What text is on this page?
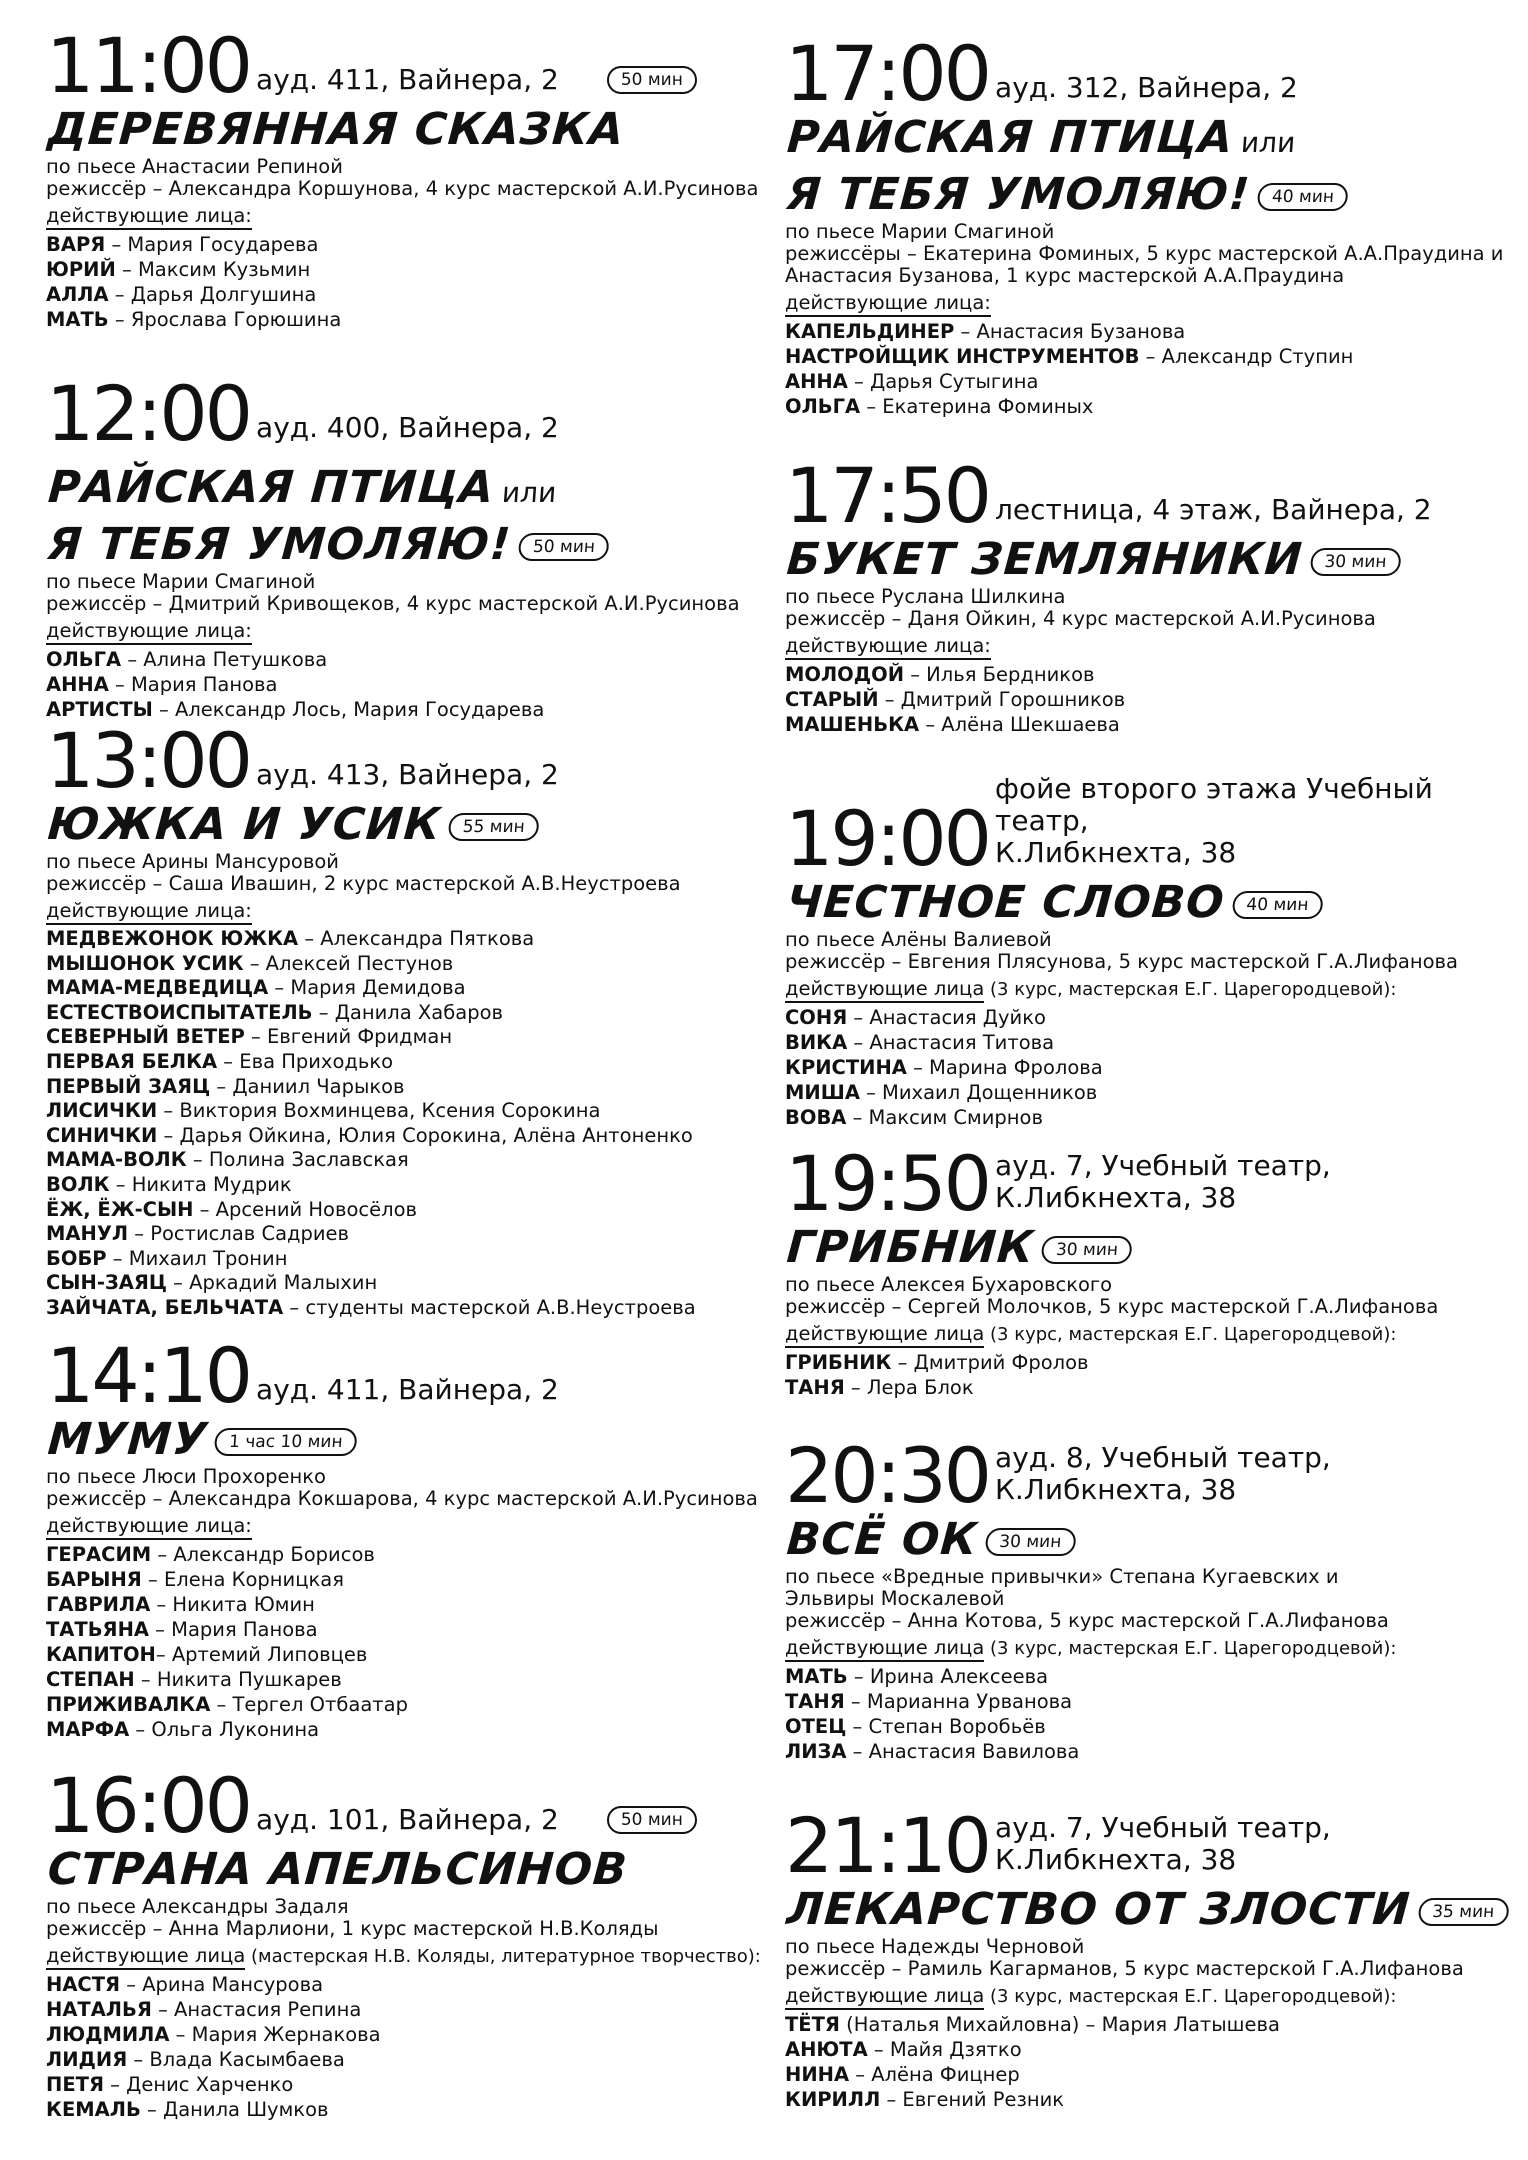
11:00 ауд. 411, Вайнера, 2	50 мин
ДЕРЕВЯННАЯ СКАЗКА
по пьесе Анастасии Репиной
режиссёр – Александра Коршунова, 4 курс мастерской А.И.Русинова
действующие лица:
ВАРЯ – Мария Государева
ЮРИЙ – Максим Кузьмин
АЛЛА – Дарья Долгушина
МАТЬ – Ярослава Горюшина
12:00 ауд. 400, Вайнера, 2
РАЙСКАЯ ПТИЦА или
Я ТЕБЯ УМОЛЯЮ! 50 мин
по пьесе Марии Смагиной
режиссёр – Дмитрий Кривощеков, 4 курс мастерской А.И.Русинова
действующие лица:
ОЛЬГА – Алина Петушкова
АННА – Мария Панова
АРТИСТЫ – Александр Лось, Мария Государева
13:00 ауд. 413, Вайнера, 2
ЮЖКА И УСИК 55 мин
по пьесе Арины Мансуровой
режиссёр – Саша Ивашин, 2 курс мастерской А.В.Неустроева
действующие лица:
МЕДВЕЖОНОК ЮЖКА – Александра Пяткова
МЫШОНОК УСИК – Алексей Пестунов
МАМА-МЕДВЕДИЦА – Мария Демидова
ЕСТЕСТВОИСПЫТАТЕЛЬ – Данила Хабаров
СЕВЕРНЫЙ ВЕТЕР – Евгений Фридман
ПЕРВАЯ БЕЛКА – Ева Приходько
ПЕРВЫЙ ЗАЯЦ – Даниил Чарыков
ЛИСИЧКИ – Виктория Вохминцева, Ксения Сорокина
СИНИЧКИ – Дарья Ойкина, Юлия Сорокина, Алёна Антоненко
МАМА-ВОЛК – Полина Заславская
ВОЛК – Никита Мудрик
ЁЖ, ЁЖ-СЫН – Арсений Новосёлов
МАНУЛ – Ростислав Садриев
БОБР – Михаил Тронин
СЫН-ЗАЯЦ – Аркадий Малыхин
ЗАЙЧАТА, БЕЛЬЧАТА – студенты мастерской А.В.Неустроева
14:10 ауд. 411, Вайнера, 2
МУМУ 1 час 10 мин
по пьесе Люси Прохоренко
режиссёр – Александра Кокшарова, 4 курс мастерской А.И.Русинова
действующие лица:
ГЕРАСИМ – Александр Борисов
БАРЫНЯ – Елена Корницкая
ГАВРИЛА – Никита Юмин
ТАТЬЯНА – Мария Панова
КАПИТОН– Артемий Липовцев
СТЕПАН – Никита Пушкарев
ПРИЖИВАЛКА – Тергел Отбаатар
МАРФА – Ольга Луконина
16:00 ауд. 101, Вайнера, 2	50 мин
СТРАНА АПЕЛЬСИНОВ
по пьесе Александры Задаля
режиссёр – Анна Марлиони, 1 курс мастерской Н.В.Коляды
действующие лица (мастерская Н.В. Коляды, литературное творчество):
НАСТЯ – Арина Мансурова
НАТАЛЬЯ – Анастасия Репина
ЛЮДМИЛА – Мария Жернакова
ЛИДИЯ – Влада Касымбаева
ПЕТЯ – Денис Харченко
КЕМАЛЬ – Данила Шумков
17:00 ауд. 312, Вайнера, 2
РАЙСКАЯ ПТИЦА или
Я ТЕБЯ УМОЛЯЮ! 40 мин
по пьесе Марии Смагиной
режиссёры – Екатерина Фоминых, 5 курс мастерской А.А.Праудина и
Анастасия Бузанова, 1 курс мастерской А.А.Праудина
действующие лица:
КАПЕЛЬДИНЕР – Анастасия Бузанова
НАСТРОЙЩИК ИНСТРУМЕНТОВ – Александр Ступин
АННА – Дарья Сутыгина
ОЛЬГА – Екатерина Фоминых
17:50 лестница, 4 этаж, Вайнера, 2
БУКЕТ ЗЕМЛЯНИКИ 30 мин
по пьесе Руслана Шилкина
режиссёр – Даня Ойкин, 4 курс мастерской А.И.Русинова
действующие лица:
МОЛОДОЙ – Илья Бердников
СТАРЫЙ – Дмитрий Горошников
МАШЕНЬКА – Алёна Шекшаева
19:00
фойе второго этажа Учебный театр,
К.Либкнехта, 38
ЧЕСТНОЕ СЛОВО 40 мин
по пьесе Алёны Валиевой
режиссёр – Евгения Плясунова, 5 курс мастерской Г.А.Лифанова
действующие лица (3 курс, мастерская Е.Г. Царегородцевой):
СОНЯ – Анастасия Дуйко
ВИКА – Анастасия Титова
КРИСТИНА – Марина Фролова
МИША – Михаил Дощенников
ВОВА – Максим Смирнов
19:50 ауд. 7, Учебный театр,
К.Либкнехта, 38
ГРИБНИК 30 мин
по пьесе Алексея Бухаровского
режиссёр – Сергей Молочков, 5 курс мастерской Г.А.Лифанова
действующие лица (3 курс, мастерская Е.Г. Царегородцевой):
ГРИБНИК – Дмитрий Фролов
ТАНЯ – Лера Блок
20:30 ауд. 8, Учебный театр,
К.Либкнехта, 38
ВСЁ ОК 30 мин
по пьесе «Вредные привычки» Степана Кугаевских и
Эльвиры Москалевой
режиссёр – Анна Котова, 5 курс мастерской Г.А.Лифанова
действующие лица (3 курс, мастерская Е.Г. Царегородцевой):
МАТЬ – Ирина Алексеева
ТАНЯ – Марианна Урванова
ОТЕЦ – Степан Воробьёв
ЛИЗА – Анастасия Вавилова
21:10 ауд. 7, Учебный театр,
К.Либкнехта, 38
ЛЕКАРСТВО ОТ ЗЛОСТИ 35 мин
по пьесе Надежды Черновой
режиссёр – Рамиль Кагарманов, 5 курс мастерской Г.А.Лифанова
действующие лица (3 курс, мастерская Е.Г. Царегородцевой):
ТЁТЯ (Наталья Михайловна) – Мария Латышева
АНЮТА – Майя Дзятко
НИНА – Алёна Фицнер
КИРИЛЛ – Евгений Резник
